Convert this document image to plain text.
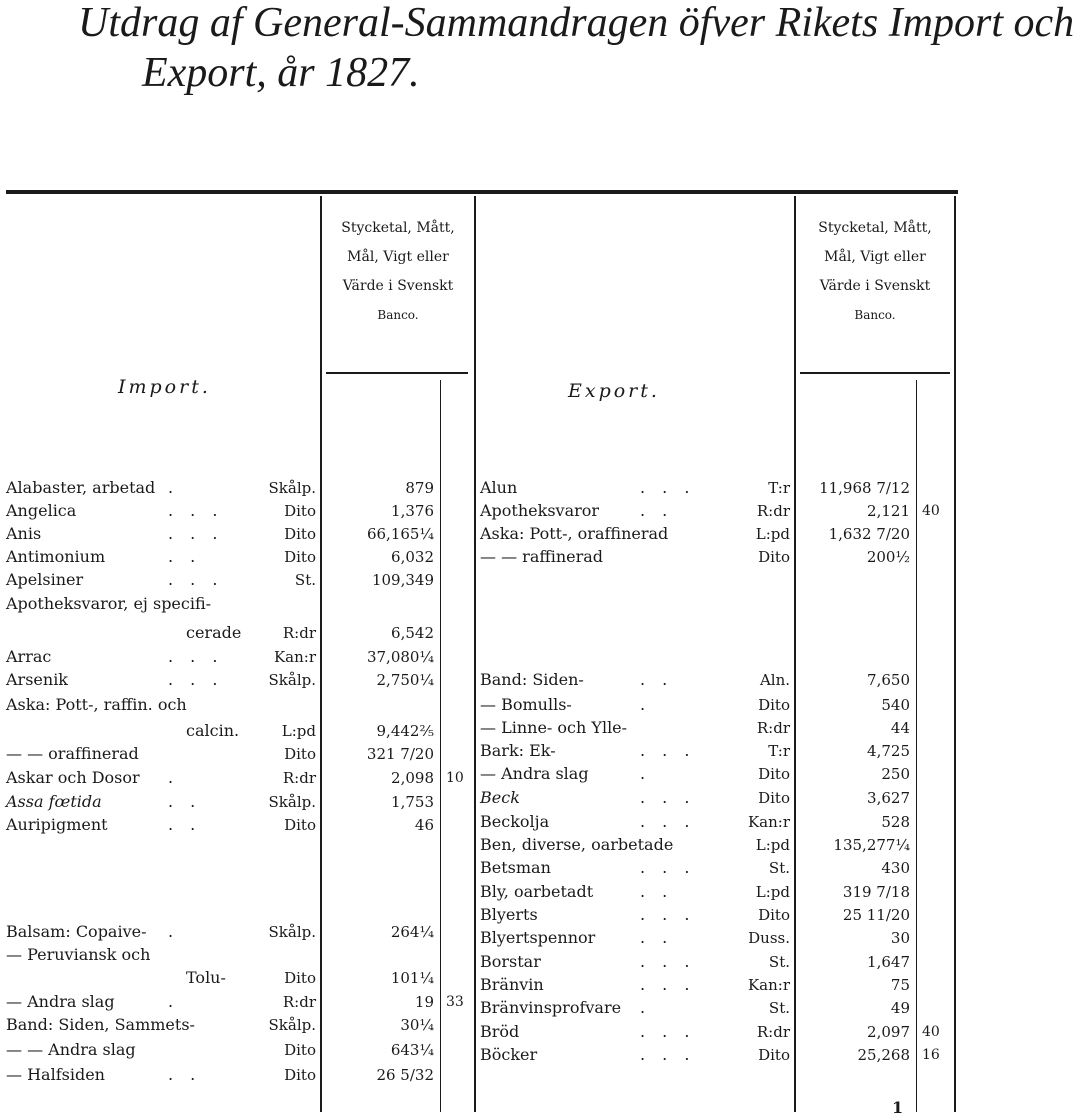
Utdrag af General-Sammandragen öfver Rikets Import och
Export, år 1827.
Stycketal, Mått,
Mål, Vigt eller
Värde i Svenskt
Banco.
Stycketal, Mått,
Mål, Vigt eller
Värde i Svenskt
Banco.
Import.	Export.
Alabaster, arbetad .	Skålp.	879
Angelica	. . .	Dito	1,376
Anis	. . .	Dito	66,165¼
Antimonium	. .	Dito	6,032
Apelsiner	. . .	St.	109,349
Apotheksvaror, ej specifi-
cerade	R:dr	6,542
Arrac	. . .	Kan:r	37,080¼
Arsenik	. . .	Skålp.	2,750¼
Aska: Pott-, raffin. och
calcin.	L:pd	9,442⅖
— — orafﬁnerad	Dito	321 7/20
Askar och Dosor .	R:dr	2,098 10
Assa fœtida	. .	Skålp.	1,753
Auripigment	. .	Dito	46
Balsam: Copaive- .	Skålp.	264¼
— Peruviansk och
Tolu-	Dito	101¼
— Andra slag	.	R:dr	19 33
Band: Siden, Sammets-	Skålp.	30¼
— — Andra slag	Dito	643¼
— Halfsiden	. .	Dito	26 5/32
Alun	. . .	T:r	11,968 7/12
Apotheksvaror	. .	R:dr	2,121 40
Aska: Pott-, orafﬁnerad	L:pd	1,632 7/20
— — raffinerad	Dito	200½
Band: Siden-	. .	Aln.	7,650
— Bomulls-	.	Dito	540
— Linne- och Ylle-	R:dr	44
Bark: Ek-	. . .	T:r	4,725
— Andra slag	.	Dito	250
Beck	. . .	Dito	3,627
Beckolja	. . .	Kan:r	528
Ben, diverse, oarbetade	L:pd	135,277¼
Betsman	. . .	St.	430
Bly, oarbetadt	. .	L:pd	319 7/18
Blyerts	. . .	Dito	25 11/20
Blyertspennor	. .	Duss.	30
Borstar	. . .	St.	1,647
Bränvin	. . .	Kan:r	75
Bränvinsprofvare .	St.	49
Bröd	. . .	R:dr	2,097 40
Böcker	. . .	Dito	25,268 16
1
